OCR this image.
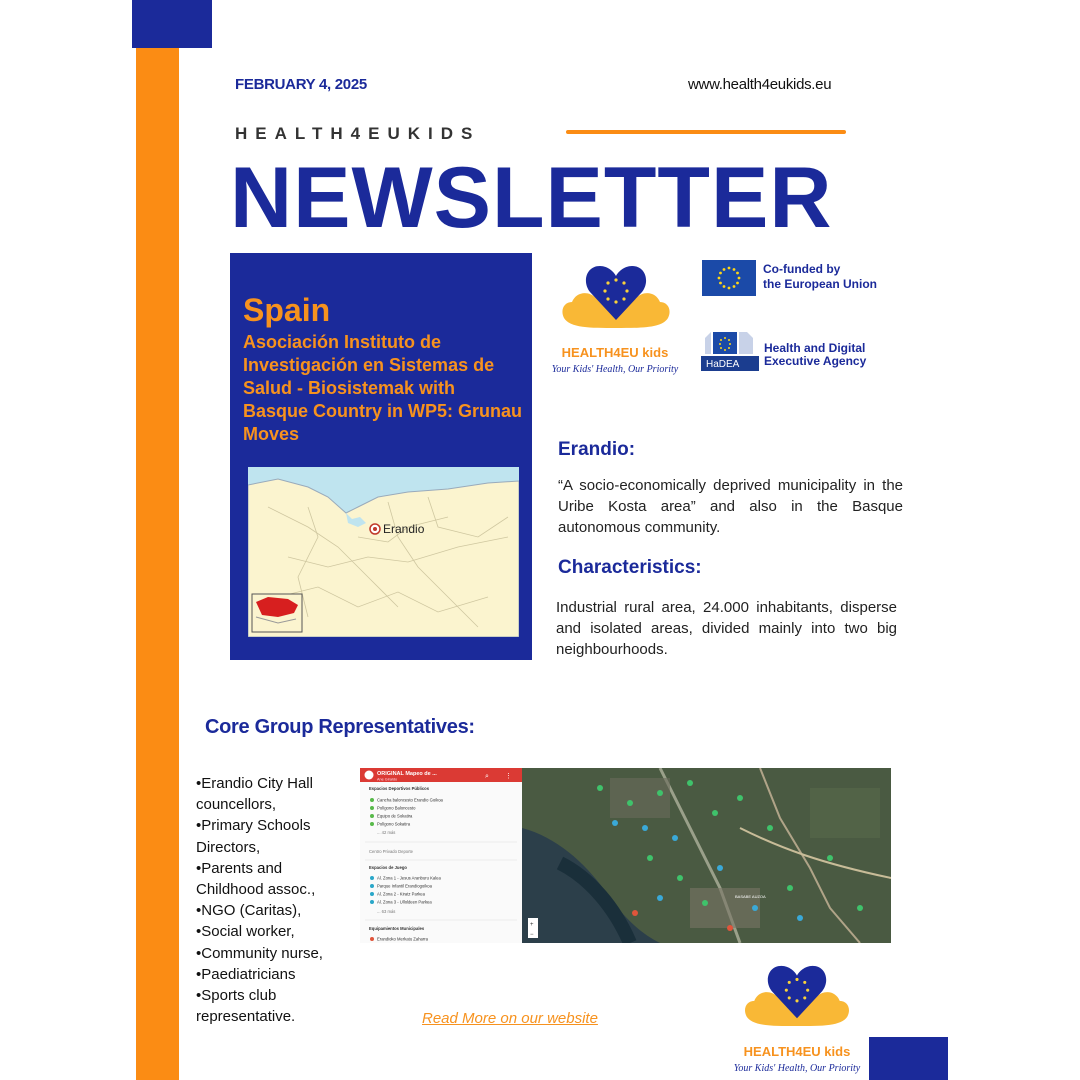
FEBRUARY 4, 2025	www.health4eukids.eu
HEALTH4EUKIDS
NEWSLETTER
Spain
Asociación Instituto de Investigación en Sistemas de Salud - Biosistemak with Basque Country in WP5: Grunau Moves
Erandio
HEALTH4EU kids
Your Kids' Health, Our Priority
Co-funded by
the European Union
HaDEA
Health and Digital
Executive Agency
Erandio:
“A socio-economically deprived municipality in the Uribe Kosta area” and also in the Basque autonomous community.
Characteristics:
Industrial rural area, 24.000 inhabitants, disperse and isolated areas, divided mainly into two big neighbourhoods.
Core Group Representatives:
•Erandio City Hall
councellors,
•Primary Schools
Directors,
•Parents and
Childhood assoc.,
•NGO (Caritas),
•Social worker,
•Community nurse,
•Paediatricians
•Sports club
representative.
ORIGINAL Mapeo de ...
Ane Giraldo	⌕ ⋮
Espacios Deportivos Públicos
Cancha baloncesto Erandio Goikoa
Polígono Baloncesto
Equipo de Sokatira
Polígono Sokatira
... 42 más
Centro Privado Deporte
Espacios de Juego
Al. Zona 1 - Jesus Aranburu Kalea
Parque Infantil Erandiogoikoa
Al. Zona 2 - Kiratz Parkea
Al. Zona 3 - Ulloldeen Parkea
... 63 más
Equipamientos Municipales
Erandioko Merkatu Zaharra
BASABE AUZOA
+
−
Read More on our website
HEALTH4EU kids
Your Kids' Health, Our Priority
